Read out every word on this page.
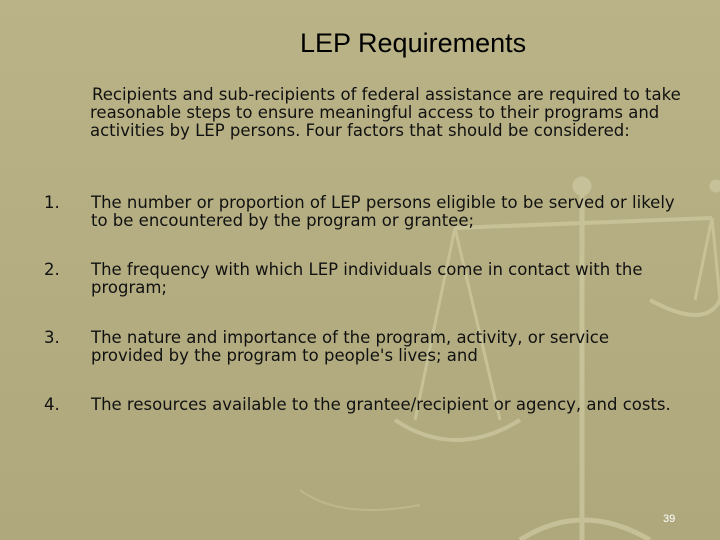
LEP Requirements
Recipients and sub-recipients of federal assistance are required to take reasonable steps to ensure meaningful access to their programs and activities by LEP persons. Four factors that should be considered:
1. The number or proportion of LEP persons eligible to be served or likely to be encountered by the program or grantee;
2. The frequency with which LEP individuals come in contact with the program;
3. The nature and importance of the program, activity, or service provided by the program to people's lives; and
4. The resources available to the grantee/recipient or agency, and costs.
39
